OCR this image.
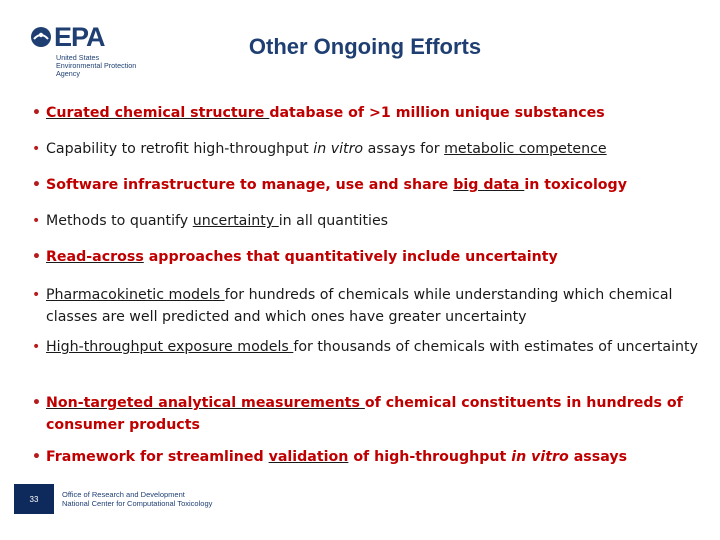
EPA
United States
Environmental Protection
Agency
Other Ongoing Efforts
• Curated chemical structure database of >1 million unique substances
• Capability to retrofit high-throughput in vitro assays for metabolic competence
• Software infrastructure to manage, use and share big data in toxicology
• Methods to quantify uncertainty in all quantities
• Read-across approaches that quantitatively include uncertainty
• Pharmacokinetic models for hundreds of chemicals while understanding which chemical classes are well predicted and which ones have greater uncertainty
• High-throughput exposure models for thousands of chemicals with estimates of uncertainty
• Non-targeted analytical measurements of chemical constituents in hundreds of consumer products
• Framework for streamlined validation of high-throughput in vitro assays
33	Office of Research and Development
National Center for Computational Toxicology
